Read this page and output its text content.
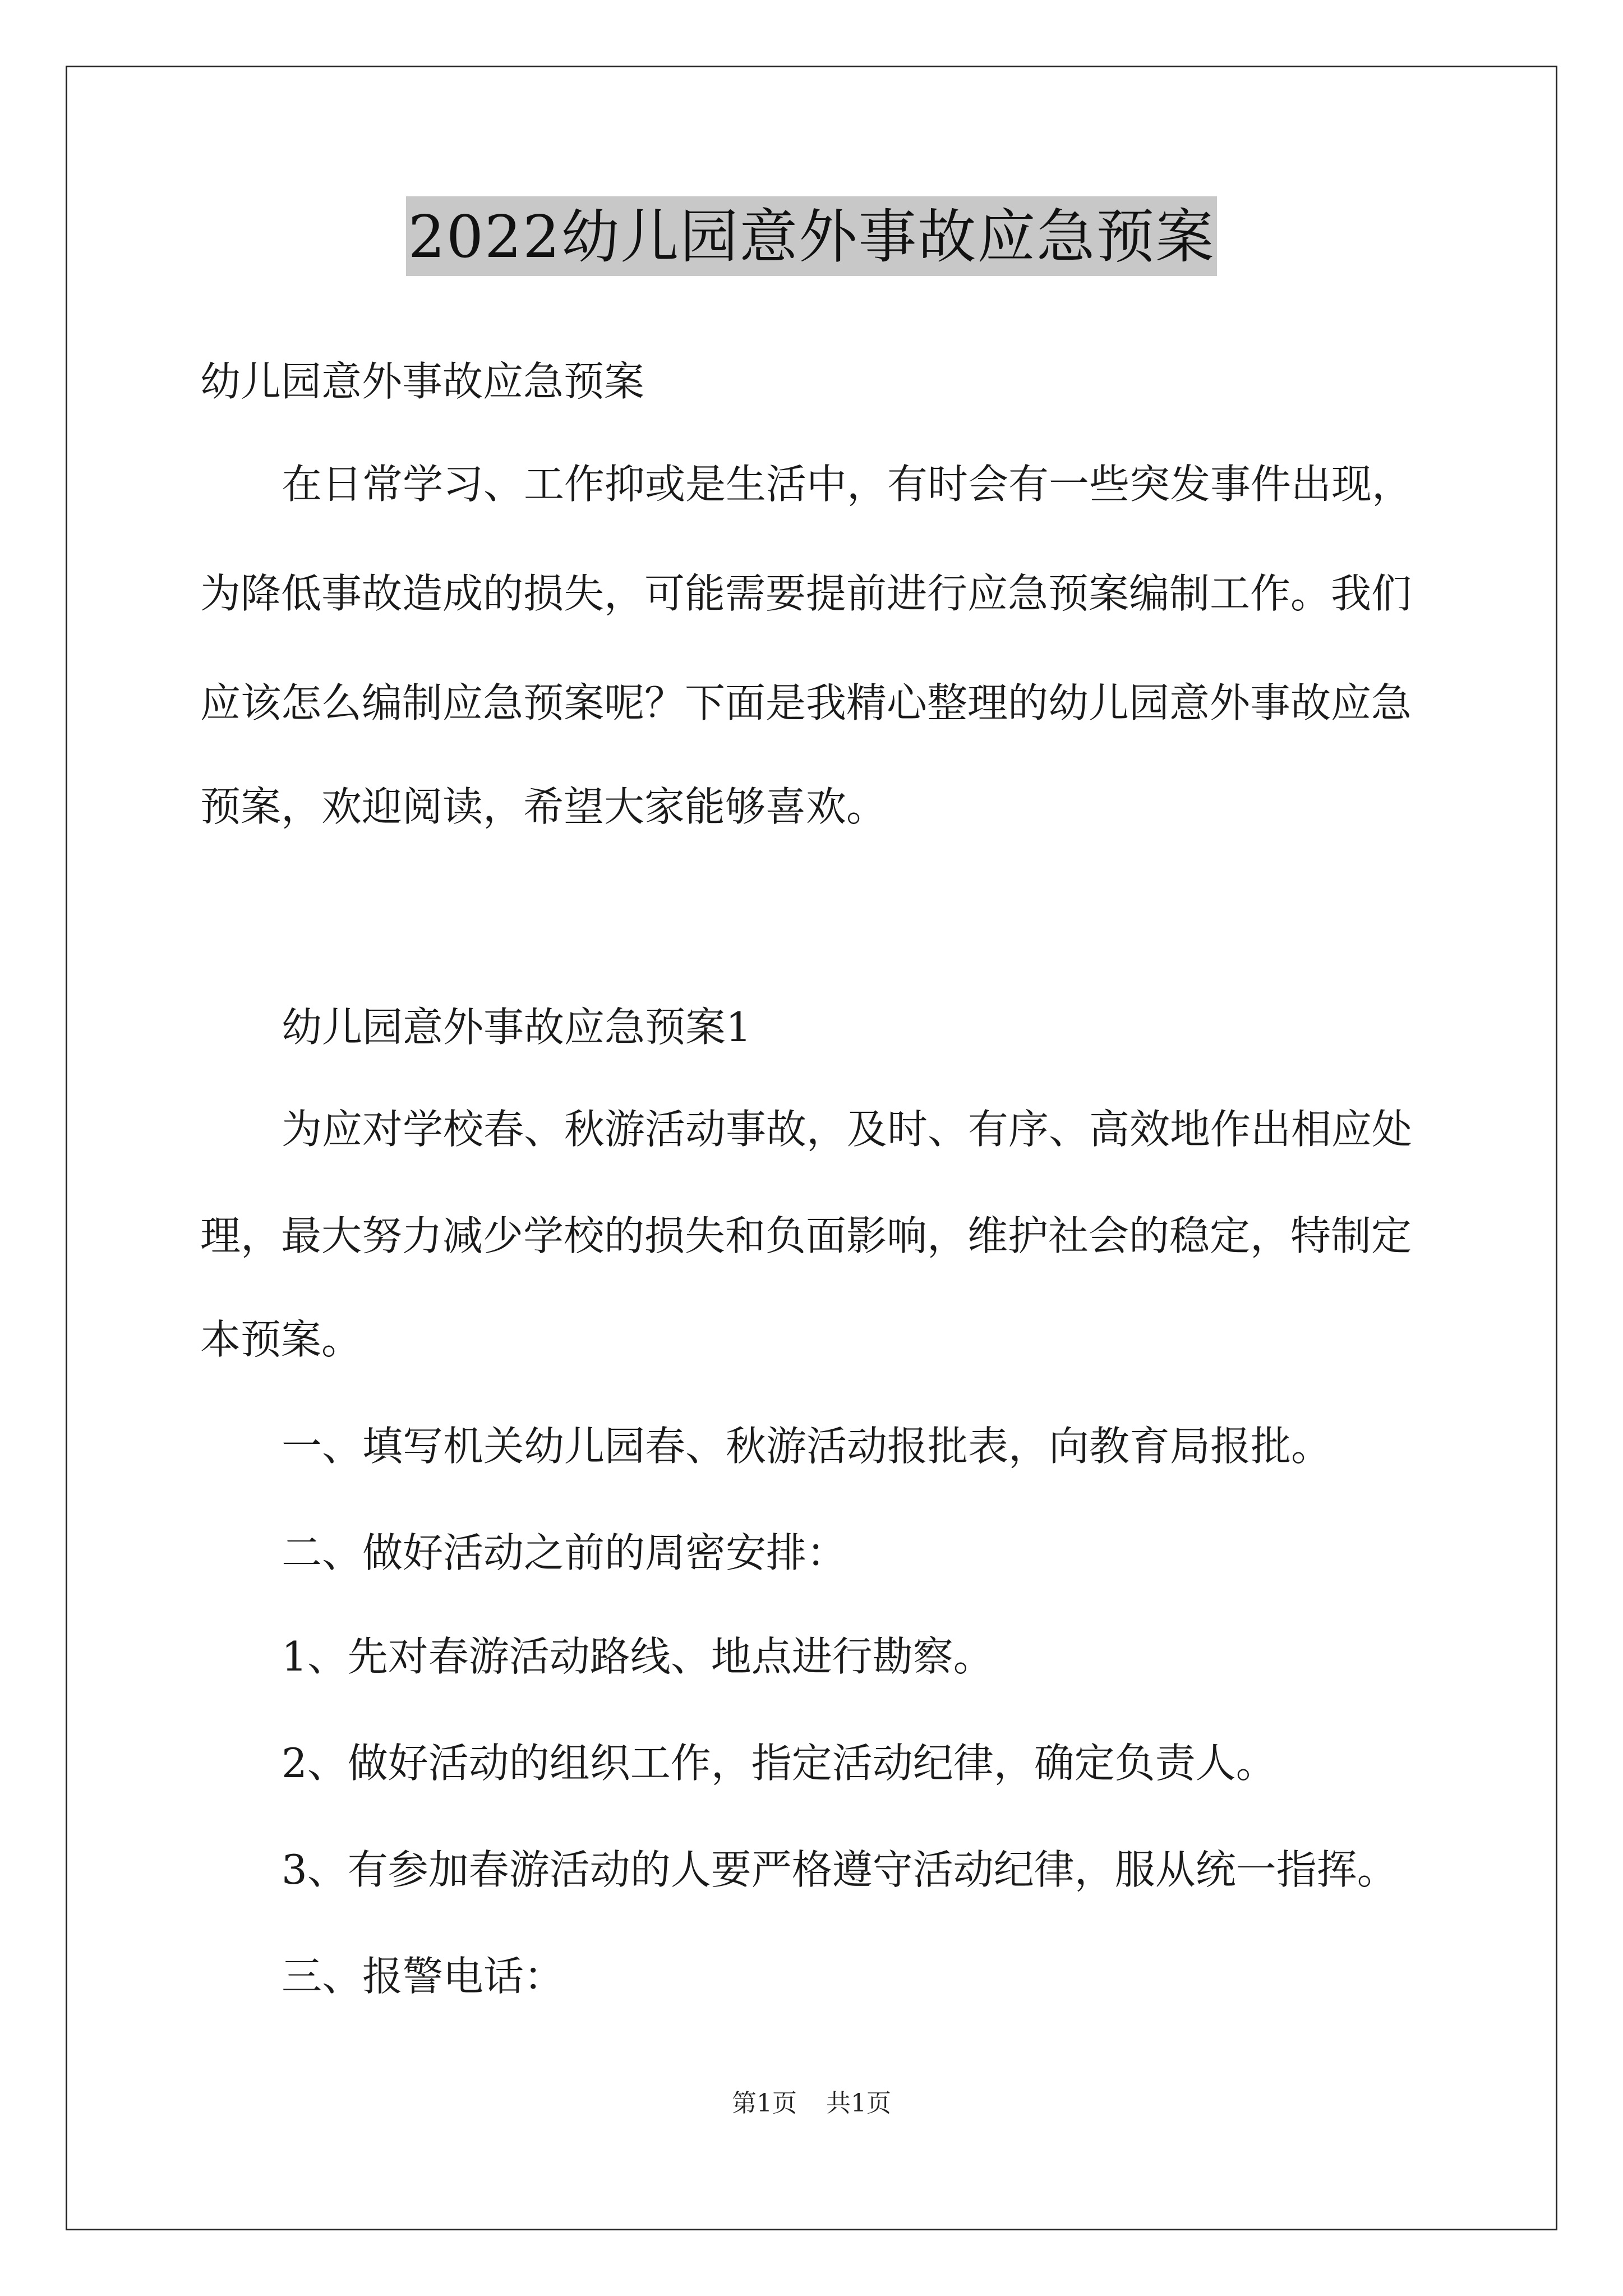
2022幼儿园意外事故应急预案
幼儿园意外事故应急预案
在日常学习、工作抑或是生活中，有时会有一些突发事件出现，
为降低事故造成的损失，可能需要提前进行应急预案编制工作。我们
应该怎么编制应急预案呢？下面是我精心整理的幼儿园意外事故应急
预案，欢迎阅读，希望大家能够喜欢。
幼儿园意外事故应急预案1
为应对学校春、秋游活动事故，及时、有序、高效地作出相应处
理，最大努力减少学校的损失和负面影响，维护社会的稳定，特制定
本预案。
一、填写机关幼儿园春、秋游活动报批表，向教育局报批。
二、做好活动之前的周密安排：
1、先对春游活动路线、地点进行勘察。
2、做好活动的组织工作，指定活动纪律，确定负责人。
3、有参加春游活动的人要严格遵守活动纪律，服从统一指挥。
三、报警电话：
第1页 共1页
